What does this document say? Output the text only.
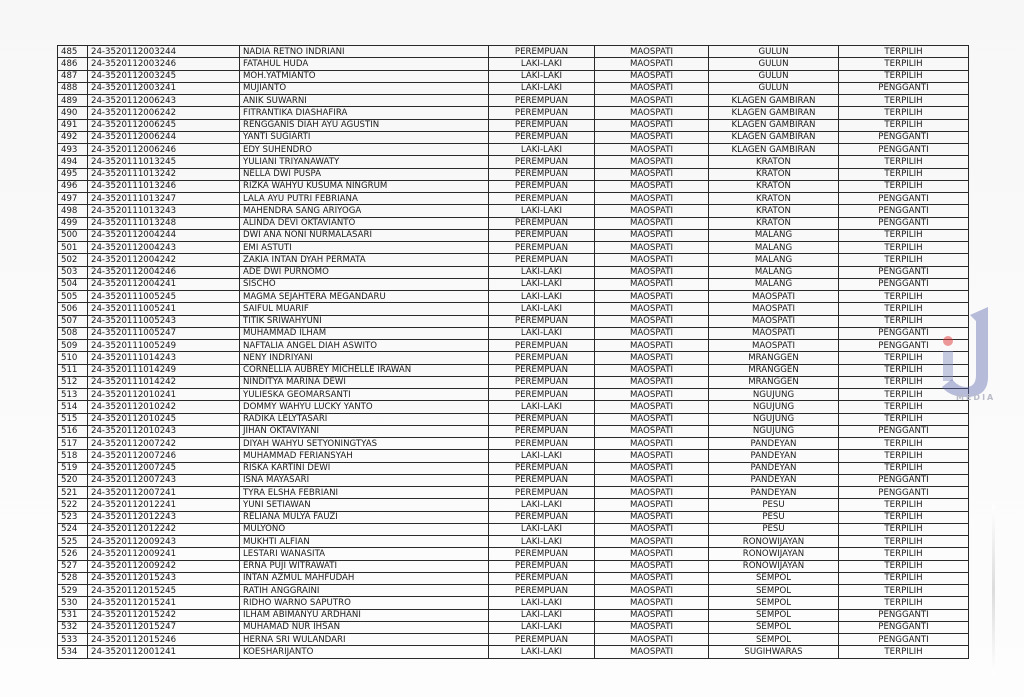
485	24-3520112003244	NADIA RETNO INDRIANI	PEREMPUAN	MAOSPATI	GULUN	TERPILIH
486	24-3520112003246	FATAHUL HUDA	LAKI-LAKI	MAOSPATI	GULUN	TERPILIH
487	24-3520112003245	MOH.YATMIANTO	LAKI-LAKI	MAOSPATI	GULUN	TERPILIH
488	24-3520112003241	MUJIANTO	LAKI-LAKI	MAOSPATI	GULUN	PENGGANTI
489	24-3520112006243	ANIK SUWARNI	PEREMPUAN	MAOSPATI	KLAGEN GAMBIRAN	TERPILIH
490	24-3520112006242	FITRANTIKA DIASHAFIRA	PEREMPUAN	MAOSPATI	KLAGEN GAMBIRAN	TERPILIH
491	24-3520112006245	RENGGANIS DIAH AYU AGUSTIN	PEREMPUAN	MAOSPATI	KLAGEN GAMBIRAN	TERPILIH
492	24-3520112006244	YANTI SUGIARTI	PEREMPUAN	MAOSPATI	KLAGEN GAMBIRAN	PENGGANTI
493	24-3520112006246	EDY SUHENDRO	LAKI-LAKI	MAOSPATI	KLAGEN GAMBIRAN	PENGGANTI
494	24-3520111013245	YULIANI TRIYANAWATY	PEREMPUAN	MAOSPATI	KRATON	TERPILIH
495	24-3520111013242	NELLA DWI PUSPA	PEREMPUAN	MAOSPATI	KRATON	TERPILIH
496	24-3520111013246	RIZKA WAHYU KUSUMA NINGRUM	PEREMPUAN	MAOSPATI	KRATON	TERPILIH
497	24-3520111013247	LALA AYU PUTRI FEBRIANA	PEREMPUAN	MAOSPATI	KRATON	PENGGANTI
498	24-3520111013243	MAHENDRA SANG ARIYOGA	LAKI-LAKI	MAOSPATI	KRATON	PENGGANTI
499	24-3520111013248	ALINDA DEVI OKTAVIANTO	PEREMPUAN	MAOSPATI	KRATON	PENGGANTI
500	24-3520112004244	DWI ANA NONI NURMALASARI	PEREMPUAN	MAOSPATI	MALANG	TERPILIH
501	24-3520112004243	EMI ASTUTI	PEREMPUAN	MAOSPATI	MALANG	TERPILIH
502	24-3520112004242	ZAKIA INTAN DYAH PERMATA	PEREMPUAN	MAOSPATI	MALANG	TERPILIH
503	24-3520112004246	ADE DWI PURNOMO	LAKI-LAKI	MAOSPATI	MALANG	PENGGANTI
504	24-3520112004241	SISCHO	LAKI-LAKI	MAOSPATI	MALANG	PENGGANTI
505	24-3520111005245	MAGMA SEJAHTERA MEGANDARU	LAKI-LAKI	MAOSPATI	MAOSPATI	TERPILIH
506	24-3520111005241	SAIFUL MUARIF	LAKI-LAKI	MAOSPATI	MAOSPATI	TERPILIH
507	24-3520111005243	TITIK SRIWAHYUNI	PEREMPUAN	MAOSPATI	MAOSPATI	TERPILIH
508	24-3520111005247	MUHAMMAD ILHAM	LAKI-LAKI	MAOSPATI	MAOSPATI	PENGGANTI
509	24-3520111005249	NAFTALIA ANGEL DIAH ASWITO	PEREMPUAN	MAOSPATI	MAOSPATI	PENGGANTI
510	24-3520111014243	NENY INDRIYANI	PEREMPUAN	MAOSPATI	MRANGGEN	TERPILIH
511	24-3520111014249	CORNELLIA AUBREY MICHELLE IRAWAN	PEREMPUAN	MAOSPATI	MRANGGEN	TERPILIH
512	24-3520111014242	NINDITYA MARINA DEWI	PEREMPUAN	MAOSPATI	MRANGGEN	TERPILIH
513	24-3520112010241	YULIESKA GEOMARSANTI	PEREMPUAN	MAOSPATI	NGUJUNG	TERPILIH
514	24-3520112010242	DOMMY WAHYU LUCKY YANTO	LAKI-LAKI	MAOSPATI	NGUJUNG	TERPILIH
515	24-3520112010245	RADIKA LELYTASARI	PEREMPUAN	MAOSPATI	NGUJUNG	TERPILIH
516	24-3520112010243	JIHAN OKTAVIYANI	PEREMPUAN	MAOSPATI	NGUJUNG	PENGGANTI
517	24-3520112007242	DIYAH WAHYU SETYONINGTYAS	PEREMPUAN	MAOSPATI	PANDEYAN	TERPILIH
518	24-3520112007246	MUHAMMAD FERIANSYAH	LAKI-LAKI	MAOSPATI	PANDEYAN	TERPILIH
519	24-3520112007245	RISKA KARTINI DEWI	PEREMPUAN	MAOSPATI	PANDEYAN	TERPILIH
520	24-3520112007243	ISNA MAYASARI	PEREMPUAN	MAOSPATI	PANDEYAN	PENGGANTI
521	24-3520112007241	TYRA ELSHA FEBRIANI	PEREMPUAN	MAOSPATI	PANDEYAN	PENGGANTI
522	24-3520112012241	YUNI SETIAWAN	LAKI-LAKI	MAOSPATI	PESU	TERPILIH
523	24-3520112012243	RELIANA MULYA FAUZI	PEREMPUAN	MAOSPATI	PESU	TERPILIH
524	24-3520112012242	MULYONO	LAKI-LAKI	MAOSPATI	PESU	TERPILIH
525	24-3520112009243	MUKHTI ALFIAN	LAKI-LAKI	MAOSPATI	RONOWIJAYAN	TERPILIH
526	24-3520112009241	LESTARI WANASITA	PEREMPUAN	MAOSPATI	RONOWIJAYAN	TERPILIH
527	24-3520112009242	ERNA PUJI WITRAWATI	PEREMPUAN	MAOSPATI	RONOWIJAYAN	TERPILIH
528	24-3520112015243	INTAN AZMUL MAHFUDAH	PEREMPUAN	MAOSPATI	SEMPOL	TERPILIH
529	24-3520112015245	RATIH ANGGRAINI	PEREMPUAN	MAOSPATI	SEMPOL	TERPILIH
530	24-3520112015241	RIDHO WARNO SAPUTRO	LAKI-LAKI	MAOSPATI	SEMPOL	TERPILIH
531	24-3520112015242	ILHAM ABIMANYU ARDHANI	LAKI-LAKI	MAOSPATI	SEMPOL	PENGGANTI
532	24-3520112015247	MUHAMAD NUR IHSAN	LAKI-LAKI	MAOSPATI	SEMPOL	PENGGANTI
533	24-3520112015246	HERNA SRI WULANDARI	PEREMPUAN	MAOSPATI	SEMPOL	PENGGANTI
534	24-3520112001241	KOESHARIJANTO	LAKI-LAKI	MAOSPATI	SUGIHWARAS	TERPILIH
MEDIA
